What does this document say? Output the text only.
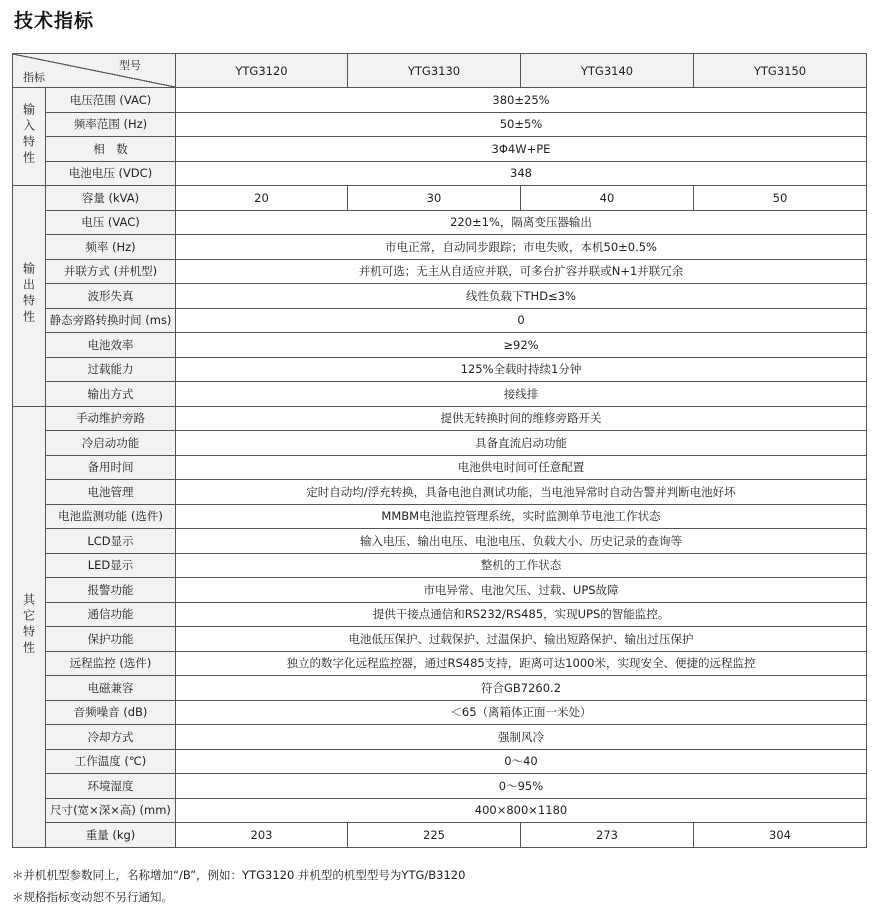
技术指标
型号
指标		YTG3120	YTG3130	YTG3140	YTG3150
输入特性	电压范围 (VAC)	380±25%			
	频率范围 (Hz)	50±5%			
	相　数	3Φ4W+PE			
	电池电压 (VDC)	348			
输出特性	容量 (kVA)	20	30	40	50
	电压 (VAC)	220±1%，隔离变压器输出			
	频率 (Hz)	市电正常，自动同步跟踪；市电失败，本机50±0.5%			
	并联方式 (并机型)	并机可选；无主从自适应并联，可多台扩容并联或N+1并联冗余			
	波形失真	线性负载下THD≤3%			
	静态旁路转换时间 (ms)	0			
	电池效率	≥92%			
	过载能力	125%全载时持续1分钟			
	输出方式	接线排			
其它特性	手动维护旁路	提供无转换时间的维修旁路开关			
	冷启动功能	具备直流启动功能			
	备用时间	电池供电时间可任意配置			
	电池管理	定时自动均/浮充转换，具备电池自测试功能，当电池异常时自动告警并判断电池好坏			
	电池监测功能 (选件)	MMBM电池监控管理系统，实时监测单节电池工作状态			
	LCD显示	输入电压、输出电压、电池电压、负载大小、历史记录的查询等			
	LED显示	整机的工作状态			
	报警功能	市电异常、电池欠压、过载、UPS故障			
	通信功能	提供干接点通信和RS232/RS485，实现UPS的智能监控。			
	保护功能	电池低压保护、过载保护、过温保护、输出短路保护、输出过压保护			
	远程监控 (选件)	独立的数字化远程监控器，通过RS485支持，距离可达1000米，实现安全、便捷的远程监控			
	电磁兼容	符合GB7260.2			
	音频噪音 (dB)	＜65（离箱体正面一米处）			
	冷却方式	强制风冷			
	工作温度 (℃)	0～40			
	环境湿度	0～95%			
	尺寸(宽×深×高) (mm)	400×800×1180			
	重量 (kg)	203	225	273	304
＊并机机型参数同上，名称增加“/B”，例如：YTG3120 并机型的机型型号为YTG/B3120
＊规格指标变动恕不另行通知。
